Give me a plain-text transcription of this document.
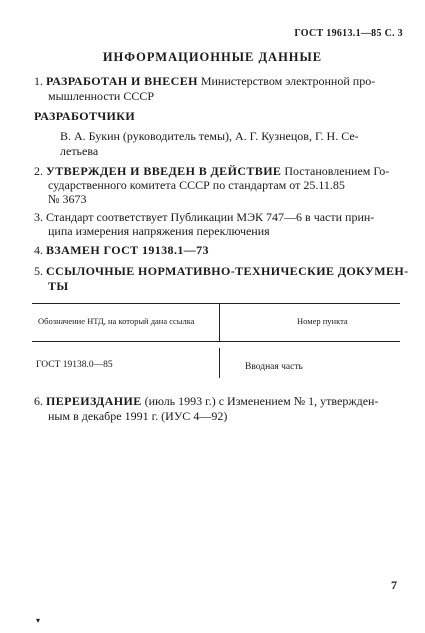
ГОСТ 19613.1—85 С. 3
ИНФОРМАЦИОННЫЕ ДАННЫЕ
1. РАЗРАБОТАН И ВНЕСЕН Министерством электронной про-
мышленности СССР
РАЗРАБОТЧИКИ
В. А. Букин (руководитель темы), А. Г. Кузнецов, Г. Н. Се-
летьева
2. УТВЕРЖДЕН И ВВЕДЕН В ДЕЙСТВИЕ Постановлением Го-
сударственного комитета СССР по стандартам от 25.11.85
№ 3673
3. Стандарт соответствует Публикации МЭК 747—6 в части прин-
ципа измерения напряжения переключения
4. ВЗАМЕН ГОСТ 19138.1—73
5. ССЫЛОЧНЫЕ НОРМАТИВНО-ТЕХНИЧЕСКИЕ ДОКУМЕН-
ТЫ
Обозначение НТД, на который дана ссылка	Номер пункта
ГОСТ 19138.0—85	Вводная часть
6. ПЕРЕИЗДАНИЕ (июль 1993 г.) с Изменением № 1, утвержден-
ным в декабре 1991 г. (ИУС 4—92)
7
▾
